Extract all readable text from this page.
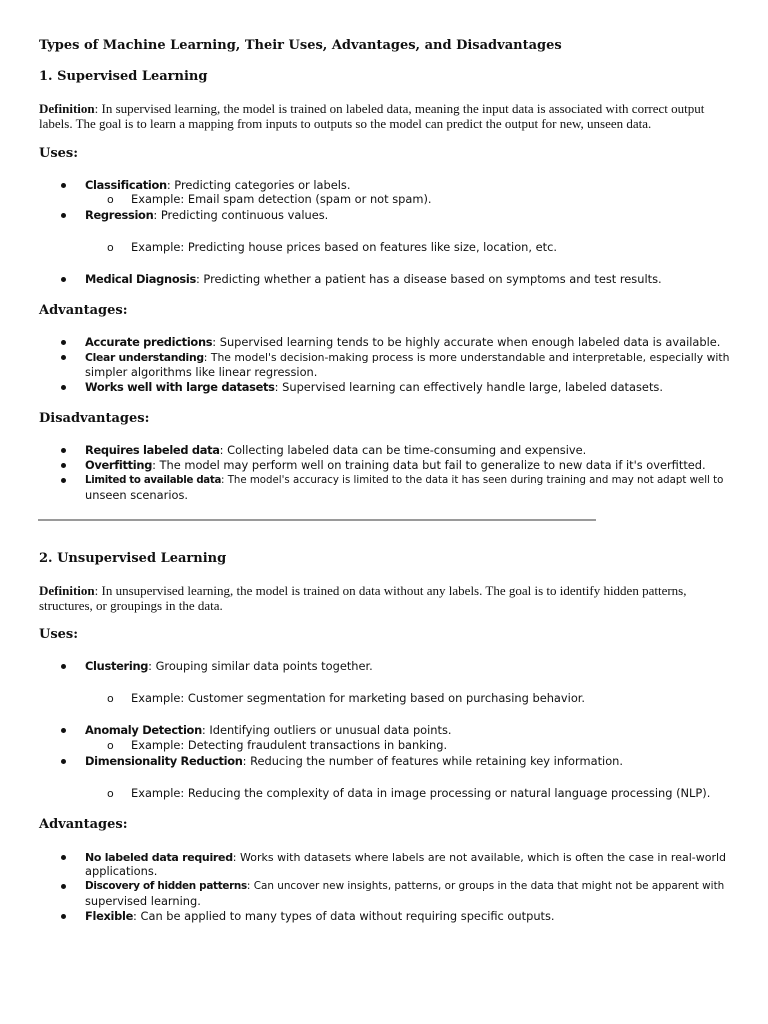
Types of Machine Learning, Their Uses, Advantages, and Disadvantages
1. Supervised Learning

Definition: In supervised learning, the model is trained on labeled data, meaning the input data is associated with correct output labels. The goal is to learn a mapping from inputs to outputs so the model can predict the output for new, unseen data.

Uses:

Classification: Predicting categories or labels.

o Example: Email spam detection (spam or not spam).

Regression: Predicting continuous values.

o Example: Predicting house prices based on features like size, location, etc.

Medical Diagnosis: Predicting whether a patient has a disease based on symptoms and test results.

Advantages:

Accurate predictions: Supervised learning tends to be highly accurate when enough labeled data is available.

Clear understanding: The model's decision-making process is more understandable and interpretable, especially with

simpler algorithms like linear regression.

Works well with large datasets: Supervised learning can effectively handle large, labeled datasets.

Disadvantages:

Requires labeled data: Collecting labeled data can be time-consuming and expensive.

Overfitting: The model may perform well on training data but fail to generalize to new data if it's overfitted.

Limited to available data: The model's accuracy is limited to the data it has seen during training and may not adapt well to

unseen scenarios.

2. Unsupervised Learning

Definition: In unsupervised learning, the model is trained on data without any labels. The goal is to identify hidden patterns, structures, or groupings in the data.

Uses:

Clustering: Grouping similar data points together.

o Example: Customer segmentation for marketing based on purchasing behavior.

Anomaly Detection: Identifying outliers or unusual data points.

o Example: Detecting fraudulent transactions in banking.

Dimensionality Reduction: Reducing the number of features while retaining key information.

o Example: Reducing the complexity of data in image processing or natural language processing (NLP).

Advantages:

No labeled data required: Works with datasets where labels are not available, which is often the case in real-world

applications.

Discovery of hidden patterns: Can uncover new insights, patterns, or groups in the data that might not be apparent with

supervised learning.

Flexible: Can be applied to many types of data without requiring specific outputs.
